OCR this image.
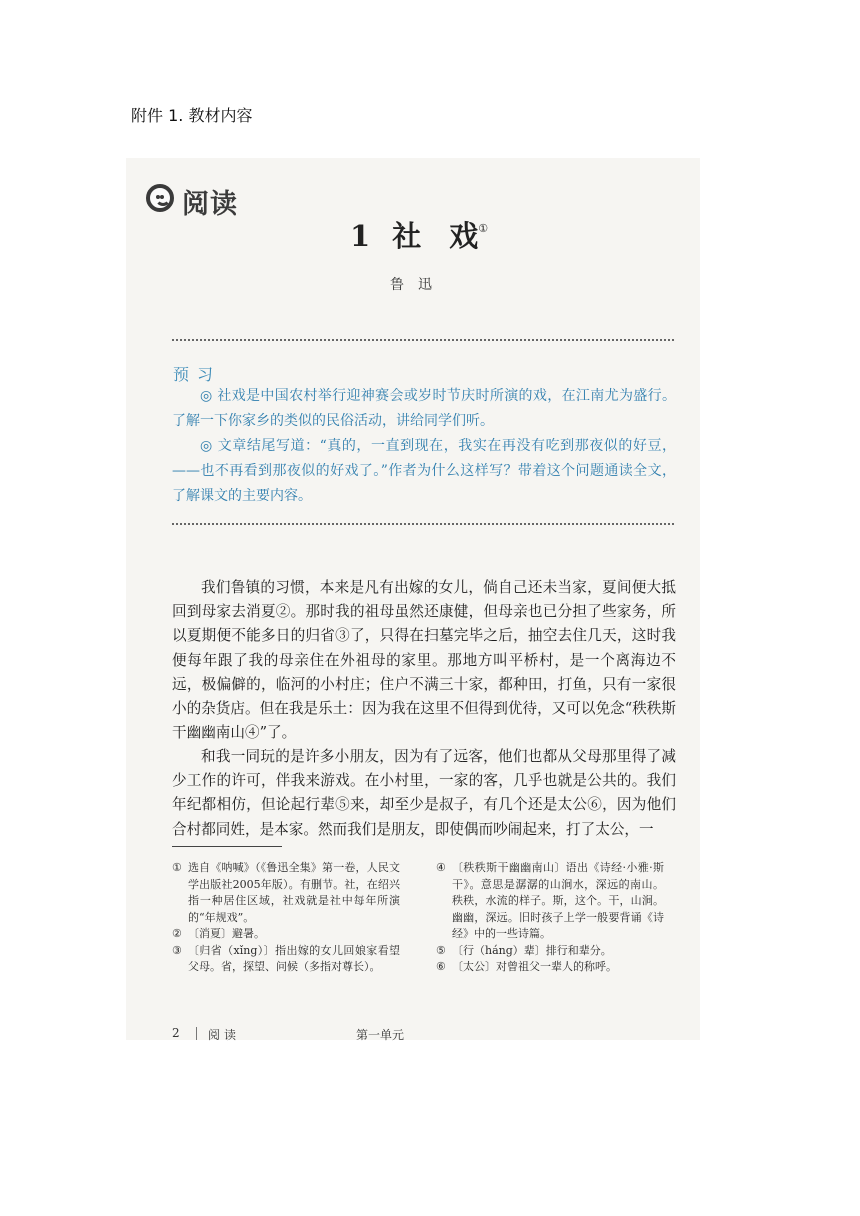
附件 1. 教材内容
阅读
1 社 戏①
鲁迅
预习
◎ 社戏是中国农村举行迎神赛会或岁时节庆时所演的戏，在江南尤为盛行。了解一下你家乡的类似的民俗活动，讲给同学们听。
◎ 文章结尾写道：“真的，一直到现在，我实在再没有吃到那夜似的好豆，——也不再看到那夜似的好戏了。”作者为什么这样写？带着这个问题通读全文，了解课文的主要内容。
我们鲁镇的习惯，本来是凡有出嫁的女儿，倘自己还未当家，夏间便大抵回到母家去消夏②。那时我的祖母虽然还康健，但母亲也已分担了些家务，所以夏期便不能多日的归省③了，只得在扫墓完毕之后，抽空去住几天，这时我便每年跟了我的母亲住在外祖母的家里。那地方叫平桥村，是一个离海边不远，极偏僻的，临河的小村庄；住户不满三十家，都种田，打鱼，只有一家很小的杂货店。但在我是乐土：因为我在这里不但得到优待，又可以免念“秩秩斯干幽幽南山④”了。
和我一同玩的是许多小朋友，因为有了远客，他们也都从父母那里得了减少工作的许可，伴我来游戏。在小村里，一家的客，几乎也就是公共的。我们年纪都相仿，但论起行辈⑤来，却至少是叔子，有几个还是太公⑥，因为他们合村都同姓，是本家。然而我们是朋友，即使偶而吵闹起来，打了太公，一
① 选自《呐喊》（《鲁迅全集》第一卷，人民文学出版社2005年版）。有删节。社，在绍兴指一种居住区域，社戏就是社中每年所演的“年规戏”。
② 〔消夏〕避暑。
③ 〔归省（xǐng）〕指出嫁的女儿回娘家看望父母。省，探望、问候（多指对尊长）。
④ 〔秩秩斯干幽幽南山〕语出《诗经·小雅·斯干》。意思是潺潺的山涧水，深远的南山。秩秩，水流的样子。斯，这个。干，山涧。幽幽，深远。旧时孩子上学一般要背诵《诗经》中的一些诗篇。
⑤ 〔行（háng）辈〕排行和辈分。
⑥ 〔太公〕对曾祖父一辈人的称呼。
2 阅读	第一单元
